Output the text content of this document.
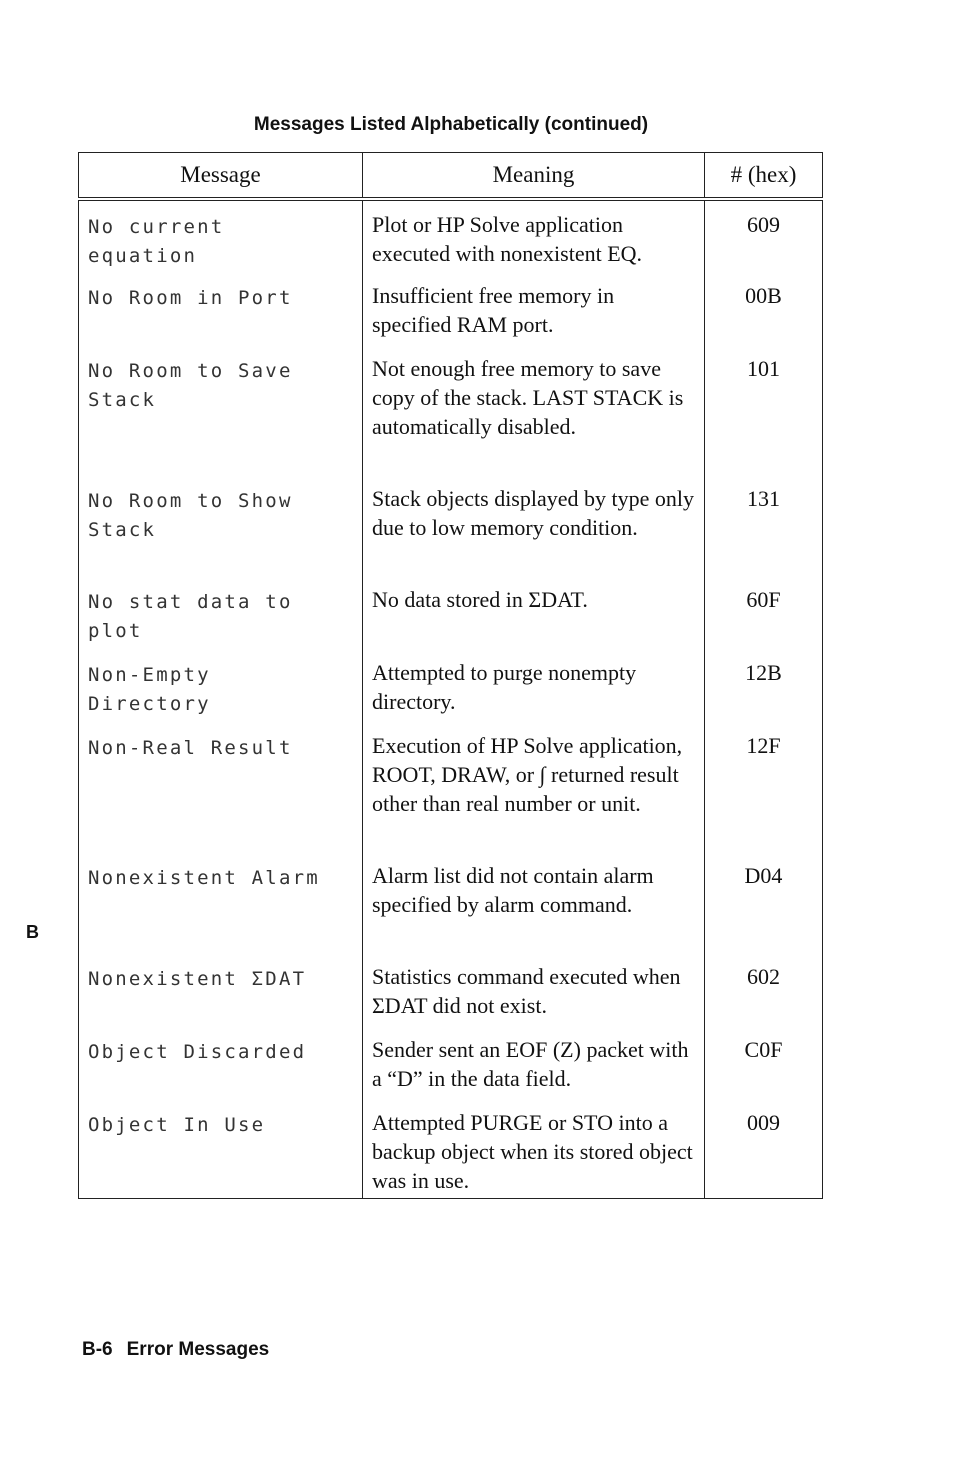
Messages Listed Alphabetically (continued)
Message	Meaning	# (hex)
No current
equation	Plot or HP Solve application executed with nonexistent EQ.	609
No Room in Port	Insufficient free memory in specified RAM port.	00B
No Room to Save
Stack	Not enough free memory to save copy of the stack. LAST STACK is automatically disabled.	101
No Room to Show
Stack	Stack objects displayed by type only due to low memory condition.	131
No stat data to
plot	No data stored in ΣDAT.	60F
Non-Empty
Directory	Attempted to purge nonempty directory.	12B
Non-Real Result	Execution of HP Solve application, ROOT, DRAW, or ∫ returned result other than real number or unit.	12F
Nonexistent Alarm	Alarm list did not contain alarm specified by alarm command.	D04
Nonexistent ΣDAT	Statistics command executed when ΣDAT did not exist.	602
Object Discarded	Sender sent an EOF (Z) packet with a “D” in the data field.	C0F
Object In Use	Attempted PURGE or STO into a backup object when its stored object was in use.	009
B
B-6 Error Messages
